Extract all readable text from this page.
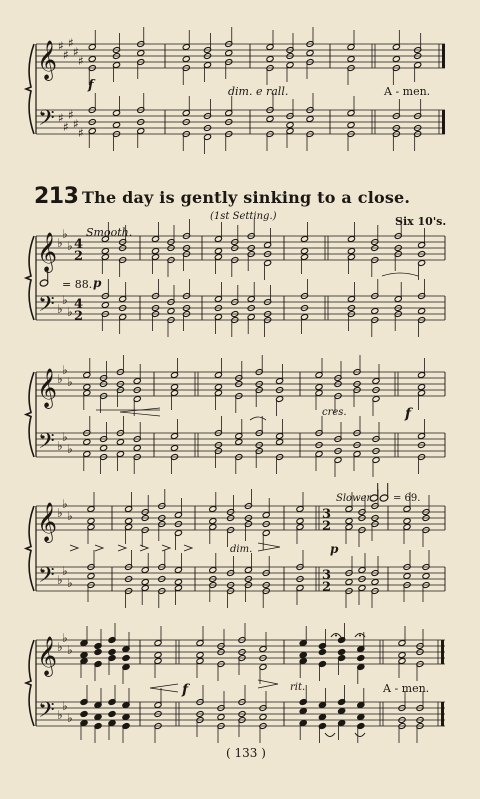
𝄞
𝄢
♯
♯
♯
♯
♯
♯
♯
♯
♯
♯
𝄞
𝄢
♭
♭
♭
♭
♭
♭
4
2
4
2
𝄞
𝄢
♭
♭
♭
♭
♭
♭
𝄞
𝄢
♭
♭
♭
♭
♭
♭
3
2
3
2
𝄞
𝄢
♭
♭
♭
♭
♭
♭
213 The day is gently sinking to a close.
(1st Setting.)	Six 10's.
f	dim. e rall.	A - men.
Smooth.
= 88. p
cres.	f
Slower. = 69.
dim.	p
f	rit.	A - men.
( 133 )
